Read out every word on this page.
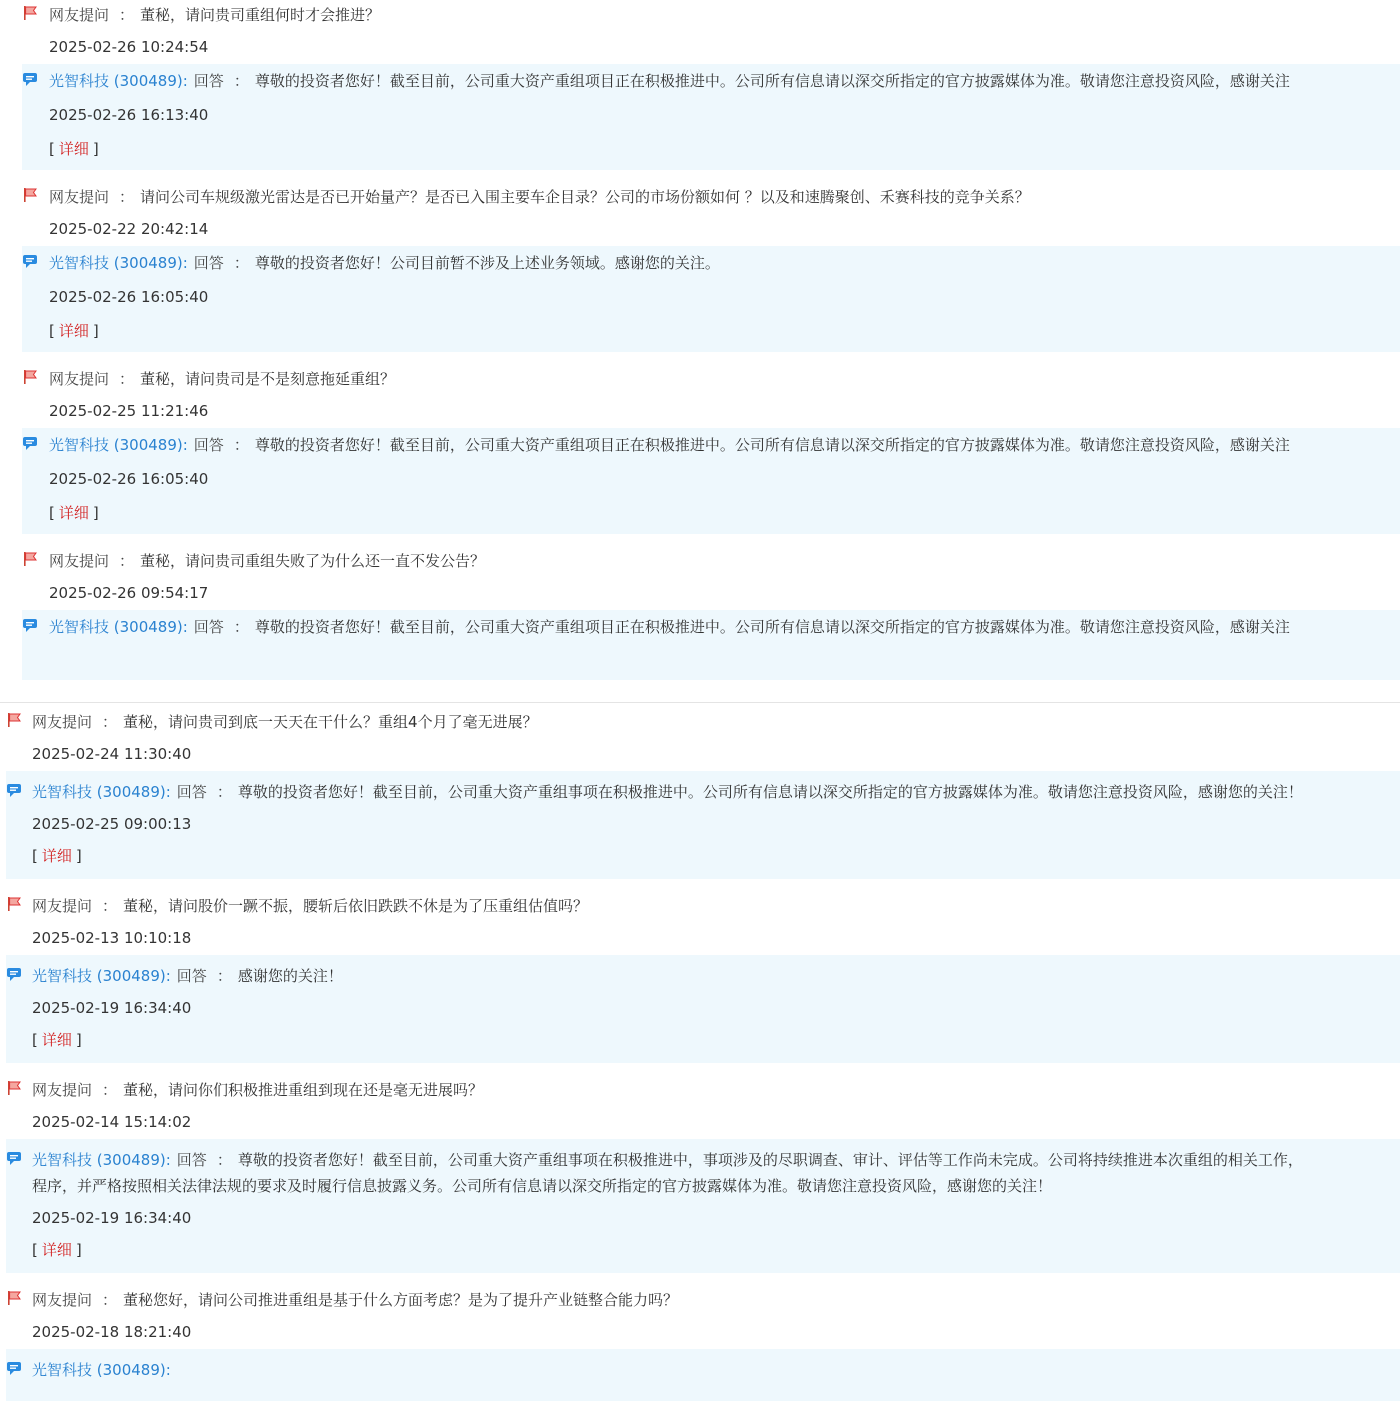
网友提问 ： 董秘，请问贵司重组何时才会推进？
2025-02-26 10:24:54
光智科技 (300489): 回答 ： 尊敬的投资者您好！截至目前，公司重大资产重组项目正在积极推进中。公司所有信息请以深交所指定的官方披露媒体为准。敬请您注意投资风险，感谢关注
2025-02-26 16:13:40
[ 详细 ]
网友提问 ： 请问公司车规级激光雷达是否已开始量产？是否已入围主要车企目录？公司的市场份额如何 ？以及和速腾聚创、禾赛科技的竞争关系？
2025-02-22 20:42:14
光智科技 (300489): 回答 ： 尊敬的投资者您好！公司目前暂不涉及上述业务领域。感谢您的关注。
2025-02-26 16:05:40
[ 详细 ]
网友提问 ： 董秘，请问贵司是不是刻意拖延重组？
2025-02-25 11:21:46
光智科技 (300489): 回答 ： 尊敬的投资者您好！截至目前，公司重大资产重组项目正在积极推进中。公司所有信息请以深交所指定的官方披露媒体为准。敬请您注意投资风险，感谢关注
2025-02-26 16:05:40
[ 详细 ]
网友提问 ： 董秘，请问贵司重组失败了为什么还一直不发公告？
2025-02-26 09:54:17
光智科技 (300489): 回答 ： 尊敬的投资者您好！截至目前，公司重大资产重组项目正在积极推进中。公司所有信息请以深交所指定的官方披露媒体为准。敬请您注意投资风险，感谢关注
网友提问 ： 董秘，请问贵司到底一天天在干什么？重组4个月了毫无进展？
2025-02-24 11:30:40
光智科技 (300489): 回答 ： 尊敬的投资者您好！截至目前，公司重大资产重组事项在积极推进中。公司所有信息请以深交所指定的官方披露媒体为准。敬请您注意投资风险，感谢您的关注！
2025-02-25 09:00:13
[ 详细 ]
网友提问 ： 董秘，请问股价一蹶不振，腰斩后依旧跌跌不休是为了压重组估值吗？
2025-02-13 10:10:18
光智科技 (300489): 回答 ： 感谢您的关注！
2025-02-19 16:34:40
[ 详细 ]
网友提问 ： 董秘，请问你们积极推进重组到现在还是毫无进展吗？
2025-02-14 15:14:02
光智科技 (300489): 回答 ： 尊敬的投资者您好！截至目前，公司重大资产重组事项在积极推进中，事项涉及的尽职调查、审计、评估等工作尚未完成。公司将持续推进本次重组的相关工作，
程序，并严格按照相关法律法规的要求及时履行信息披露义务。公司所有信息请以深交所指定的官方披露媒体为准。敬请您注意投资风险，感谢您的关注！
2025-02-19 16:34:40
[ 详细 ]
网友提问 ： 董秘您好，请问公司推进重组是基于什么方面考虑？是为了提升产业链整合能力吗？
2025-02-18 18:21:40
光智科技 (300489):
